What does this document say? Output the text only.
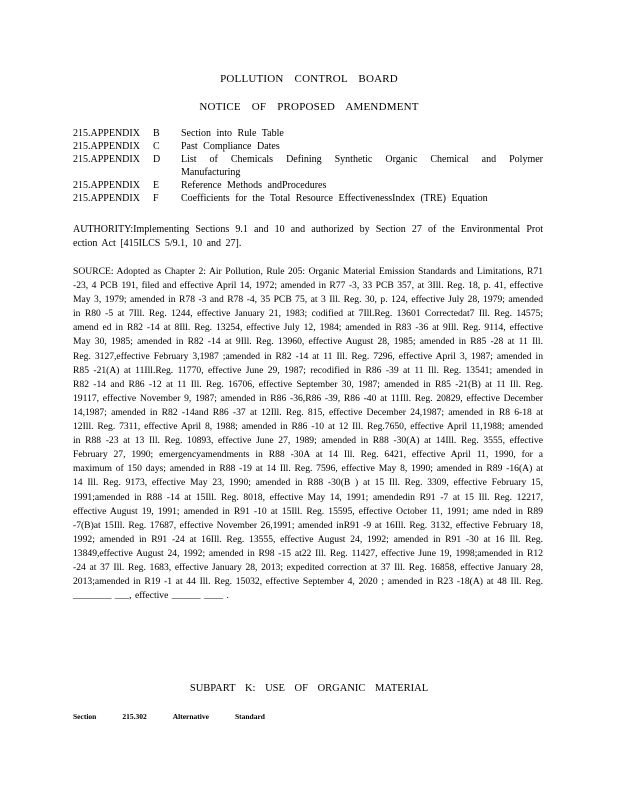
POLLUTION CONTROL BOARD
NOTICE OF PROPOSED AMENDMENT
215.APPENDIX	B	Section into Rule Table
215.APPENDIX	C	Past Compliance Dates
215.APPENDIX	D	List of Chemicals Defining Synthetic Organic Chemical and Polymer Manufacturing
215.APPENDIX	E	Reference Methods andProcedures
215.APPENDIX	F	Coefficients for the Total Resource EffectivenessIndex (TRE) Equation
AUTHORITY:Implementing Sections 9.1 and 10 and authorized by Section 27 of the Environmental Prot ection Act [415ILCS 5/9.1, 10 and 27].
SOURCE: Adopted as Chapter 2: Air Pollution, Rule 205: Organic Material Emission Standards and Limitations, R71 -23, 4 PCB 191, filed and effective April 14, 1972; amended in R77 -3, 33 PCB 357, at 3Ill. Reg. 18, p. 41, effective May 3, 1979; amended in R78 -3 and R78 -4, 35 PCB 75, at 3 Ill. Reg. 30, p. 124, effective July 28, 1979; amended in R80 -5 at 7Ill. Reg. 1244, effective January 21, 1983; codified at 7Ill.Reg. 13601 Correctedat7 Ill. Reg. 14575; amend ed in R82 -14 at 8Ill. Reg. 13254, effective July 12, 1984; amended in R83 -36 at 9Ill. Reg. 9114, effective May 30, 1985; amended in R82 -14 at 9Ill. Reg. 13960, effective August 28, 1985; amended in R85 -28 at 11 Ill. Reg. 3127,effective February 3,1987 ;amended in R82 -14 at 11 Ill. Reg. 7296, effective April 3, 1987; amended in R85 -21(A) at 11Ill.Reg. 11770, effective June 29, 1987; recodified in R86 -39 at 11 Ill. Reg. 13541; amended in R82 -14 and R86 -12 at 11 Ill. Reg. 16706, effective September 30, 1987; amended in R85 -21(B) at 11 Ill. Reg. 19117, effective November 9, 1987; amended in R86 -36,R86 -39, R86 -40 at 11Ill. Reg. 20829, effective December 14,1987; amended in R82 -14and R86 -37 at 12Ill. Reg. 815, effective December 24,1987; amended in R8 6-18 at 12Ill. Reg. 7311, effective April 8, 1988; amended in R86 -10 at 12 Ill. Reg.7650, effective April 11,1988; amended in R88 -23 at 13 Ill. Reg. 10893, effective June 27, 1989; amended in R88 -30(A) at 14Ill. Reg. 3555, effective February 27, 1990; emergencyamendments in R88 -30A at 14 Ill. Reg. 6421, effective April 11, 1990, for a maximum of 150 days; amended in R88 -19 at 14 Ill. Reg. 7596, effective May 8, 1990; amended in R89 -16(A) at 14 Ill. Reg. 9173, effective May 23, 1990; amended in R88 -30(B ) at 15 Ill. Reg. 3309, effective February 15, 1991;amended in R88 -14 at 15Ill. Reg. 8018, effective May 14, 1991; amendedin R91 -7 at 15 Ill. Reg. 12217, effective August 19, 1991; amended in R91 -10 at 15Ill. Reg. 15595, effective October 11, 1991; ame nded in R89 -7(B)at 15Ill. Reg. 17687, effective November 26,1991; amended inR91 -9 at 16Ill. Reg. 3132, effective February 18, 1992; amended in R91 -24 at 16Ill. Reg. 13555, effective August 24, 1992; amended in R91 -30 at 16 Ill. Reg. 13849,effective August 24, 1992; amended in R98 -15 at22 Ill. Reg. 11427, effective June 19, 1998;amended in R12 -24 at 37 Ill. Reg. 1683, effective January 28, 2013; expedited correction at 37 Ill. Reg. 16858, effective January 28, 2013;amended in R19 -1 at 44 Ill. Reg. 15032, effective September 4, 2020 ; amended in R23 -18(A) at 48 Ill. Reg. ________ ___, effective ______ ____ .
SUBPART K: USE OF ORGANIC MATERIAL
Section	215.302	Alternative	Standard
